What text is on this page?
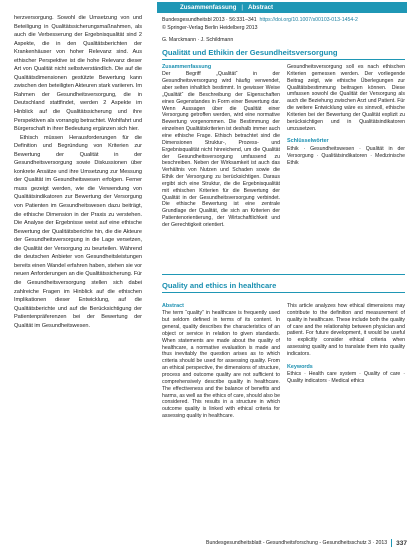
herzversorgung. Sowohl die Umsetzung von und Beteiligung in Qualitätssicherungsmaßnahmen, als auch die Verbesserung der Ergebnisqualität sind 2 Aspekte, die in den Qualitätsberichten der Krankenhäuser von hoher Relevanz sind. Aus ethischer Perspektive ist die hohe Relevanz dieser Art von Qualität nicht selbstverständlich. Die auf die Qualitätsdimensionen gestützte Bewertung kann zwischen den beteiligten Akteuren stark variieren. Im Rahmen der Gesundheitsversorgung, die in Deutschland stattfindet, werden 2 Aspekte im Hinblick auf die Qualitätssicherung und ihre Perspektiven als vorrangig betrachtet. Wohlfahrt und Bürgerschaft in ihrer Bedeutung ergänzen sich hier.

Ethisch müssen Herausforderungen für die Definition und Begründung von Kriterien zur Bewertung der Qualität in der Gesundheitsversorgung sowie Diskussionen über konkrete Ansätze und ihre Umsetzung zur Messung der Qualität im Gesundheitswesen erfolgen. Ferner muss gezeigt werden, wie die Verwendung von Qualitätsindikatoren zur Bewertung der Versorgung von Patienten im Gesundheitswesen dazu beiträgt, die ethische Dimension in der Praxis zu verstehen. Die Analyse der Ergebnisse weist auf eine ethische Bewertung der Qualitätsberichte hin, die die Akteure der Gesundheitsversorgung in die Lage versetzen, die Qualität der Versorgung zu beurteilen. Während die deutschen Anbieter von Gesundheitsleistungen bereits einen Wandel erfahren haben, stehen sie vor neuen Anforderungen an die Qualitätssicherung. Für die Gesundheitsversorgung stellen sich dabei zahlreiche Fragen im Hinblick auf die ethischen Implikationen dieser Entwicklung, auf die Qualitätsberichte und auf die Berücksichtigung der Patientenpräferenzen bei der Bewertung der Qualität im Gesundheitswesen.

Zusammenfassung | Abstract
Bundesgesundheitsbl 2013 · 56:331–341 https://doi.org/10.1007/s00103-013-1454-2
© Springer-Verlag Berlin Heidelberg 2013
G. Marckmann · J. Schildmann
Qualität und Ethikin der Gesundheitsversorgung
Zusammenfassung

Der Begriff „Qualität“ in der Gesundheitsversorgung wird häufig verwendet, aber selten inhaltlich bestimmt. In gewisser Weise „Qualität“ die Beschreibung der Eigenschaften eines Gegenstandes in Form einer Bewertung dar. Wenn Aussagen über die Qualität einer Versorgung getroffen werden, wird eine normative Bewertung vorgenommen. Die Bestimmung der einzelnen Qualitätskriterien ist deshalb immer auch eine ethische Frage. Ethisch betrachtet sind die Dimensionen Struktur-, Prozess- und Ergebnisqualität nicht hinreichend, um die Qualität der Gesundheitsversorgung umfassend zu beschreiben. Neben der Wirksamkeit ist auch das Verhältnis von Nutzen und Schaden sowie die Ethik der Versorgung zu berücksichtigen. Daraus ergibt sich eine Struktur, die die Ergebnisqualität mit ethischen Kriterien für die Bewertung der Qualität in der Gesundheitsversorgung verbindet. Die ethische Bewertung ist eine zentrale Grundlage der Qualität, die sich an Kriterien der Patientenorientierung, der Wirtschaftlichkeit und der Gerechtigkeit orientiert.

Gesundheitsversorgung soll es nach ethischen Kriterien gemessen werden. Der vorliegende Beitrag zeigt, wie ethische Überlegungen zur Qualitätsbestimmung beitragen können. Diese umfassen sowohl die Qualität der Versorgung als auch die Beziehung zwischen Arzt und Patient. Für die weitere Entwicklung wäre es sinnvoll, ethische Kriterien bei der Bewertung der Qualität explizit zu berücksichtigen und in Qualitätsindikatoren umzusetzen.

Schlüsselwörter

Ethik · Gesundheitswesen · Qualität in der Versorgung · Qualitätsindikatoren · Medizinische Ethik

Quality and ethics in healthcare
Abstract

The term “quality” in healthcare is frequently used but seldom defined in terms of its content. In general, quality describes the characteristics of an object or service in relation to given standards. When statements are made about the quality of healthcare, a normative evaluation is made and thus inevitably the question arises as to which criteria should be used for assessing quality. From an ethical perspective, the dimensions of structure, process and outcome quality are not sufficient to comprehensively describe quality in healthcare. The effectiveness and the balance of benefits and harms, as well as the ethics of care, should also be considered. This results in a structure in which outcome quality is linked with ethical criteria for assessing quality in healthcare.

This article analyzes how ethical dimensions may contribute to the definition and measurement of quality in healthcare. These include both the quality of care and the relationship between physician and patient. For future development, it would be useful to explicitly consider ethical criteria when assessing quality and to translate them into quality indicators.

Keywords

Ethics · Health care system · Quality of care · Quality indicators · Medical ethics

Bundesgesundheitsblatt - Gesundheitsforschung - Gesundheitsschutz 3 · 2013 337
